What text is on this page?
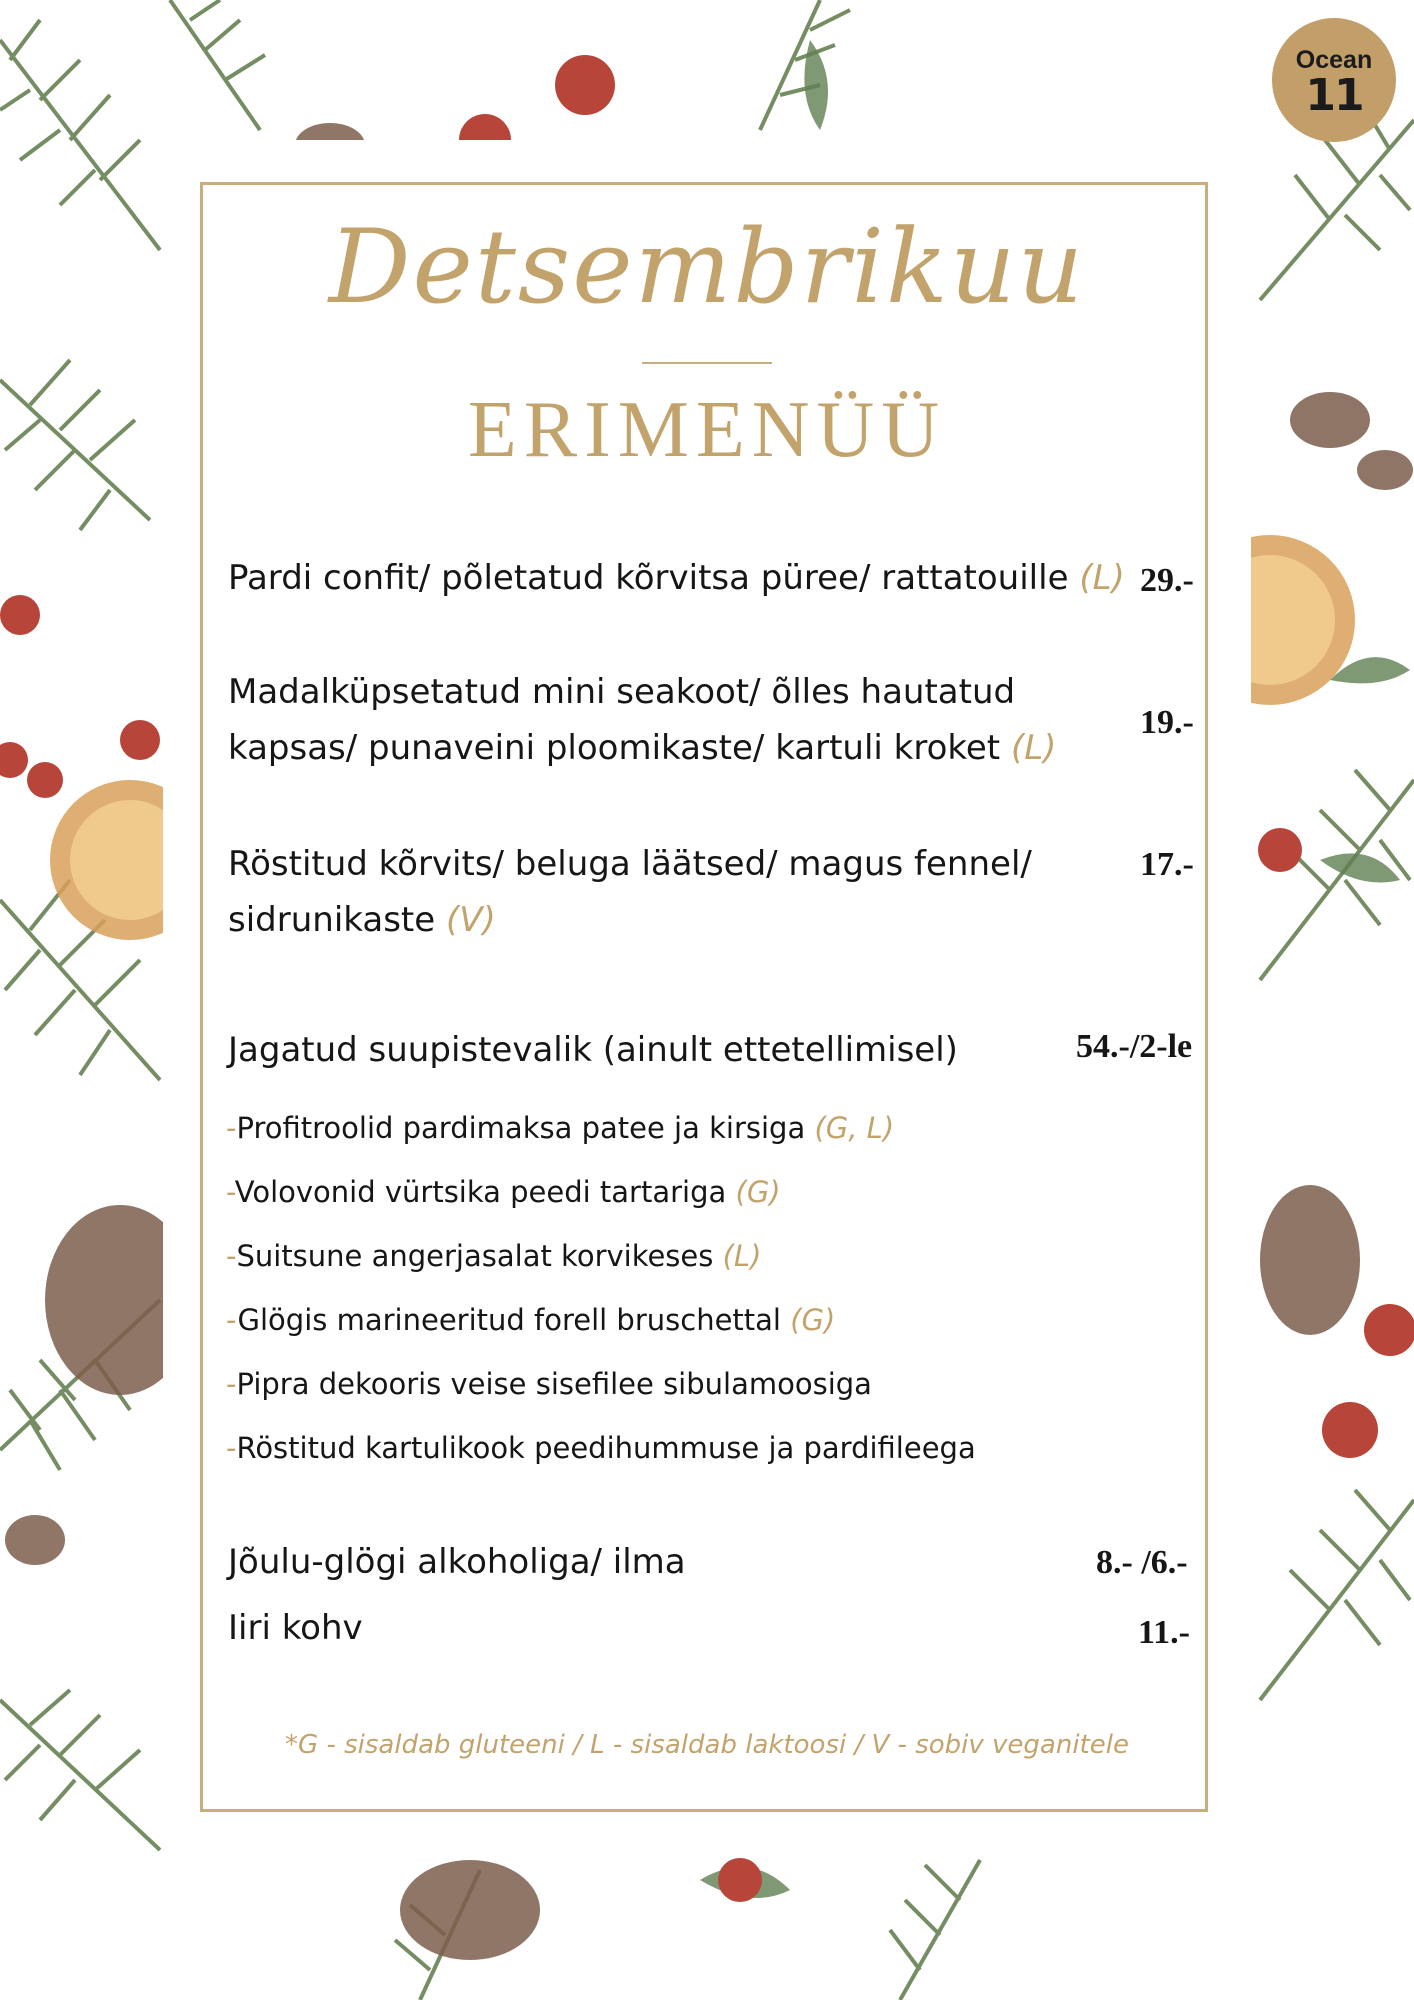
Ocean
11
Detsembrikuu
ERIMENÜÜ
Pardi confit/ põletatud kõrvitsa püree/ rattatouille (L) 29.-
Madalküpsetatud mini seakoot/ õlles hautatud
kapsas/ punaveini ploomikaste/ kartuli kroket (L)
19.-
Röstitud kõrvits/ beluga läätsed/ magus fennel/
sidrunikaste (V)
17.-
Jagatud suupistevalik (ainult ettetellimisel)	54.-/2-le
-Profitroolid pardimaksa patee ja kirsiga (G, L)
-Volovonid vürtsika peedi tartariga (G)
-Suitsune angerjasalat korvikeses (L)
-Glögis marineeritud forell bruschettal (G)
-Pipra dekooris veise sisefilee sibulamoosiga
-Röstitud kartulikook peedihummuse ja pardifileega
Jõulu-glögi alkoholiga/ ilma	8.- /6.-
Iiri kohv	11.-
*G - sisaldab gluteeni / L - sisaldab laktoosi / V - sobiv veganitele
